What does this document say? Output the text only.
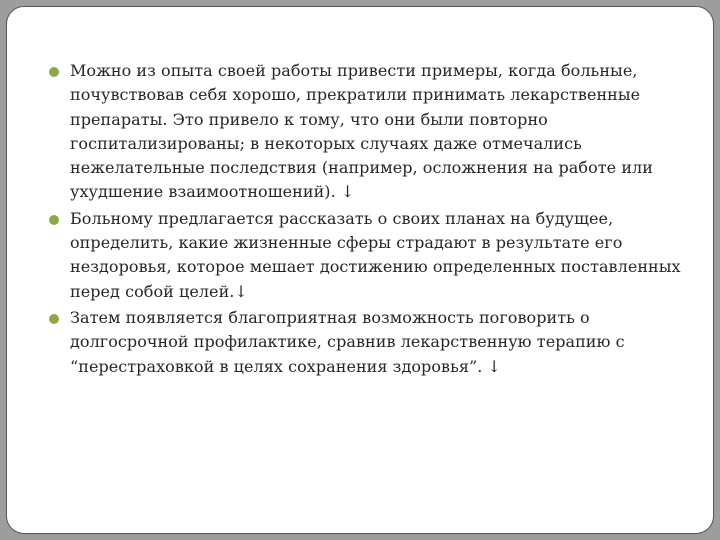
Можно из опыта своей работы привести примеры, когда больные, почувствовав себя хорошо, прекратили принимать лекарственные препараты. Это привело к тому, что они были повторно госпитализированы; в некоторых случаях даже отмечались нежелательные последствия (например, осложнения на работе или ухудшение взаимоотношений). ↓
Больному предлагается рассказать о своих планах на будущее, определить, какие жизненные сферы страдают в результате его нездоровья, которое мешает достижению определенных поставленных перед собой целей.↓
Затем появляется благоприятная возможность поговорить о долгосрочной профилактике, сравнив лекарственную терапию с “перестраховкой в целях сохранения здоровья”. ↓
